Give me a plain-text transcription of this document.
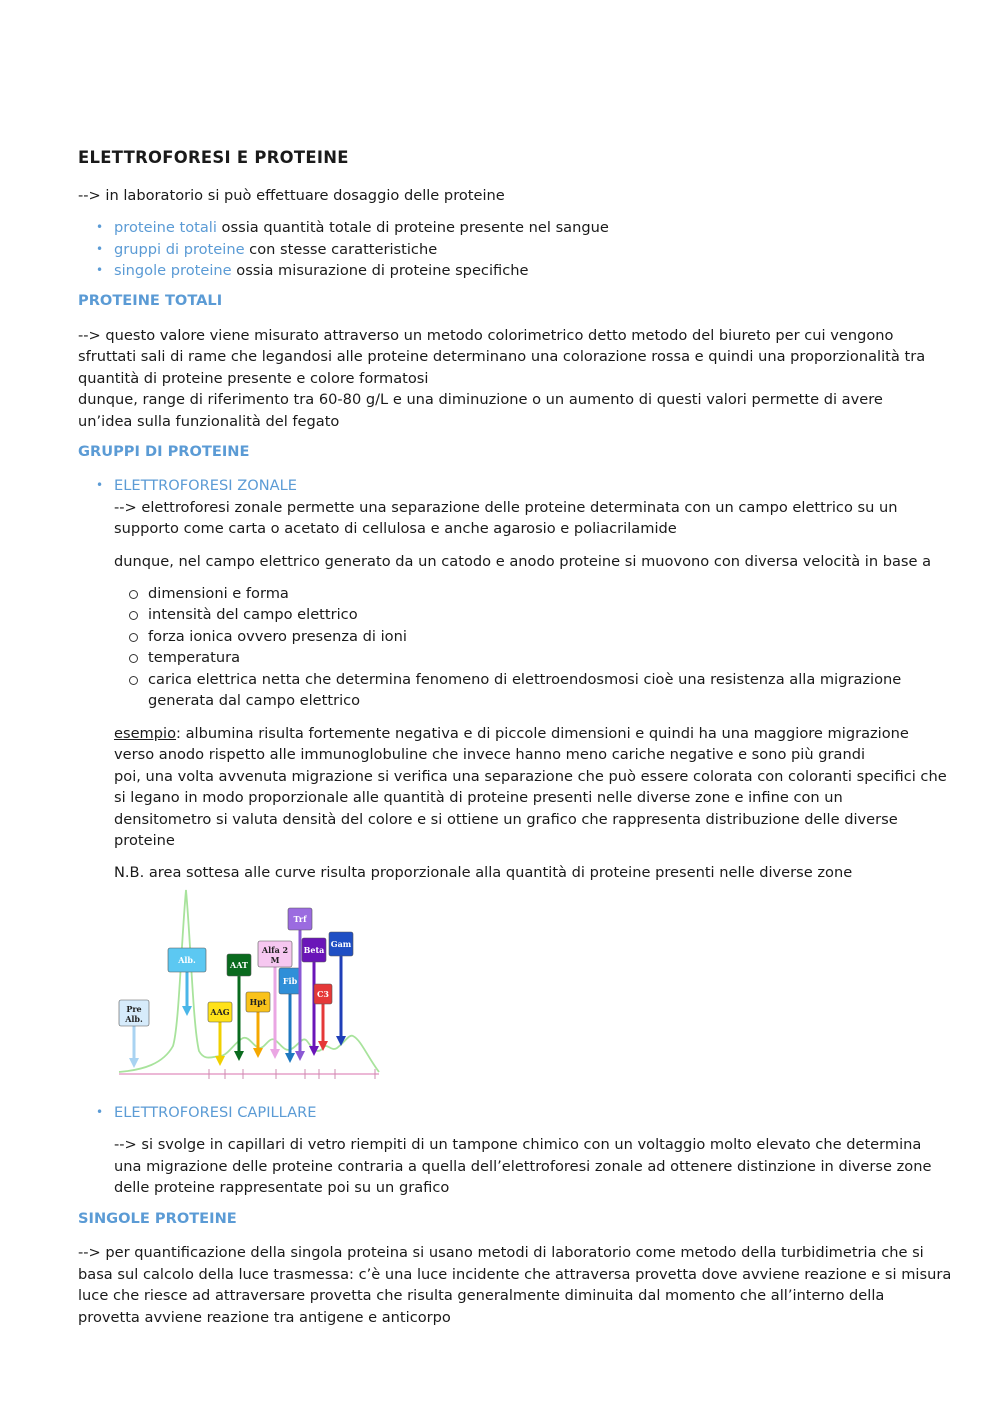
ELETTROFORESI E PROTEINE

--> in laboratorio si può effettuare dosaggio delle proteine

• proteine totali ossia quantità totale di proteine presente nel sangue

• gruppi di proteine con stesse caratteristiche

• singole proteine ossia misurazione di proteine specifiche

PROTEINE TOTALI

--> questo valore viene misurato attraverso un metodo colorimetrico detto metodo del biureto per cui vengono

sfruttati sali di rame che legandosi alle proteine determinano una colorazione rossa e quindi una proporzionalità tra

quantità di proteine presente e colore formatosi

dunque, range di riferimento tra 60-80 g/L e una diminuzione o un aumento di questi valori permette di avere

un’idea sulla funzionalità del fegato

GRUPPI DI PROTEINE
• ELETTROFORESI ZONALE

--> elettroforesi zonale permette una separazione delle proteine determinata con un campo elettrico su un

supporto come carta o acetato di cellulosa e anche agarosio e poliacrilamide

dunque, nel campo elettrico generato da un catodo e anodo proteine si muovono con diversa velocità in base a

dimensioni e forma

intensità del campo elettrico

forza ionica ovvero presenza di ioni

temperatura

carica elettrica netta che determina fenomeno di elettroendosmosi cioè una resistenza alla migrazione

generata dal campo elettrico

esempio: albumina risulta fortemente negativa e di piccole dimensioni e quindi ha una maggiore migrazione

verso anodo rispetto alle immunoglobuline che invece hanno meno cariche negative e sono più grandi

poi, una volta avvenuta migrazione si verifica una separazione che può essere colorata con coloranti specifici che

si legano in modo proporzionale alle quantità di proteine presenti nelle diverse zone e infine con un

densitometro si valuta densità del colore e si ottiene un grafico che rappresenta distribuzione delle diverse

proteine

N.B. area sottesa alle curve risulta proporzionale alla quantità di proteine presenti nelle diverse zone

Pre
Alb.
Alb.
AAG
AAT
Hpt
Alfa 2
M
Fib
Trf
Beta
C3
Gam
• ELETTROFORESI CAPILLARE

--> si svolge in capillari di vetro riempiti di un tampone chimico con un voltaggio molto elevato che determina

una migrazione delle proteine contraria a quella dell’elettroforesi zonale ad ottenere distinzione in diverse zone

delle proteine rappresentate poi su un grafico

SINGOLE PROTEINE

--> per quantificazione della singola proteina si usano metodi di laboratorio come metodo della turbidimetria che si

basa sul calcolo della luce trasmessa: c’è una luce incidente che attraversa provetta dove avviene reazione e si misura

luce che riesce ad attraversare provetta che risulta generalmente diminuita dal momento che all’interno della

provetta avviene reazione tra antigene e anticorpo
